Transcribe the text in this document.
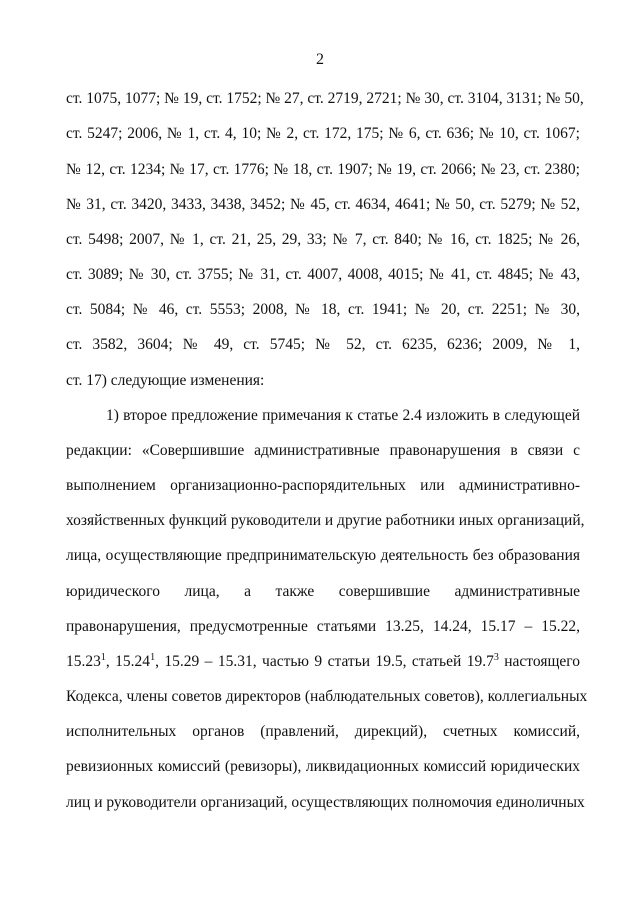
2
ст. 1075, 1077; № 19, ст. 1752; № 27, ст. 2719, 2721; № 30, ст. 3104, 3131; № 50,
ст. 5247; 2006, № 1, ст. 4, 10; № 2, ст. 172, 175; № 6, ст. 636; № 10, ст. 1067;
№ 12, ст. 1234; № 17, ст. 1776; № 18, ст. 1907; № 19, ст. 2066; № 23, ст. 2380;
№ 31, ст. 3420, 3433, 3438, 3452; № 45, ст. 4634, 4641; № 50, ст. 5279; № 52,
ст. 5498; 2007, № 1, ст. 21, 25, 29, 33; № 7, ст. 840; № 16, ст. 1825; № 26,
ст. 3089; № 30, ст. 3755; № 31, ст. 4007, 4008, 4015; № 41, ст. 4845; № 43,
ст. 5084; № 46, ст. 5553; 2008, № 18, ст. 1941; № 20, ст. 2251; № 30,
ст. 3582, 3604; № 49, ст. 5745; № 52, ст. 6235, 6236; 2009, № 1,
ст. 17) следующие изменения:
1) второе предложение примечания к статье 2.4 изложить в следующей
редакции: «Совершившие административные правонарушения в связи с
выполнением организационно-распорядительных или административно-
хозяйственных функций руководители и другие работники иных организаций,
лица, осуществляющие предпринимательскую деятельность без образования
юридического лица, а также совершившие административные
правонарушения, предусмотренные статьями 13.25, 14.24, 15.17 – 15.22,
15.23$^1$, 15.24$^1$, 15.29 – 15.31, частью 9 статьи 19.5, статьей 19.7$^3$ настоящего
Кодекса, члены советов директоров (наблюдательных советов), коллегиальных
исполнительных органов (правлений, дирекций), счетных комиссий,
ревизионных комиссий (ревизоры), ликвидационных комиссий юридических
лиц и руководители организаций, осуществляющих полномочия единоличных
